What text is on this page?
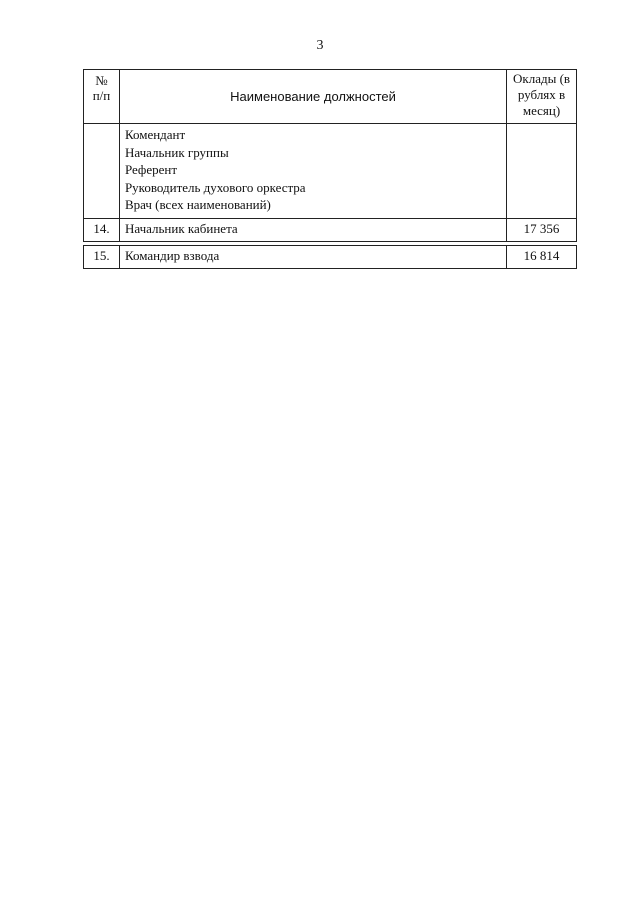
3
№
п/п	Наименование должностей	Оклады (в
рублях в
месяц)

	Комендант
Начальник группы
Референт
Руководитель духового оркестра
Врач (всех наименований)	

14.	Начальник кабинета	17 356

15.	Командир взвода	16 814
